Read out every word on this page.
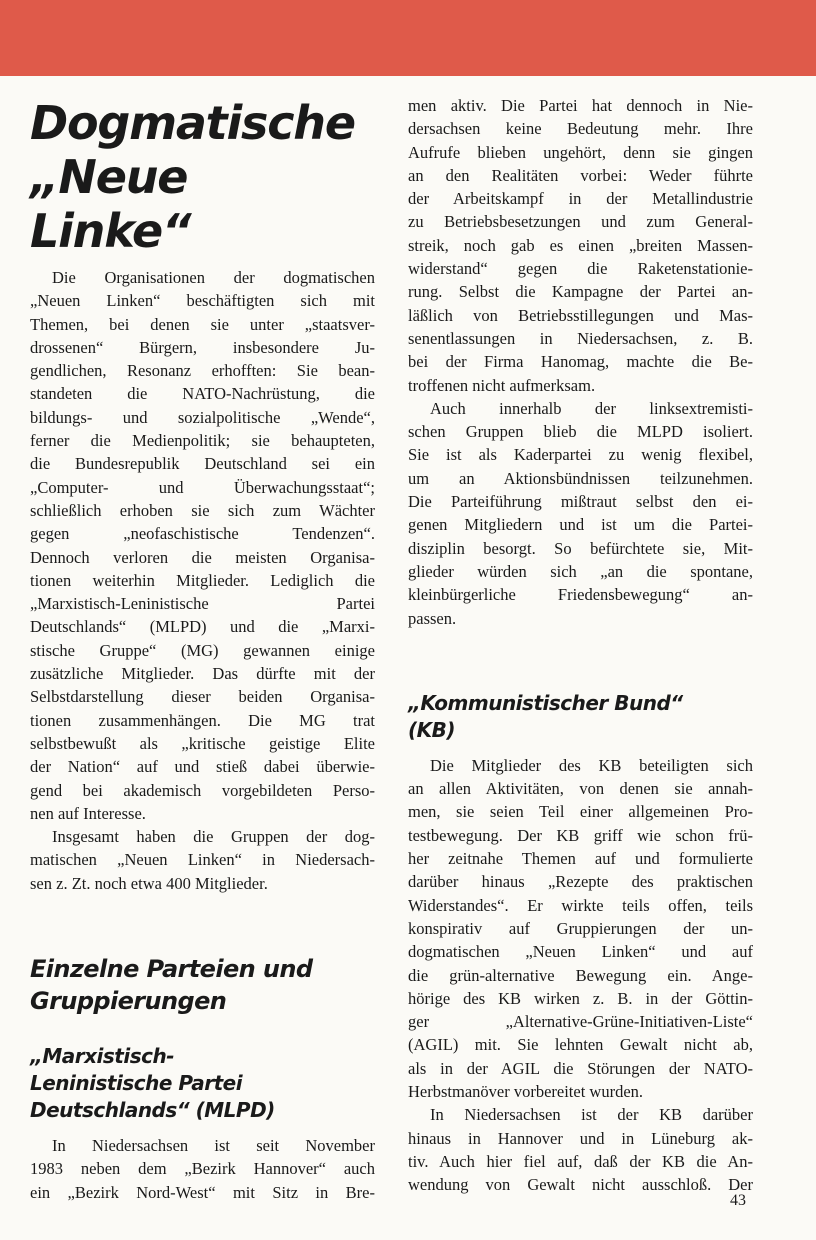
Dogmatische
„Neue
Linke“

Die Organisationen der dogmatischen
„Neuen Linken“ beschäftigten sich mit
Themen, bei denen sie unter „staatsver-
drossenen“ Bürgern, insbesondere Ju-
gendlichen, Resonanz erhofften: Sie bean-
standeten die NATO-Nachrüstung, die
bildungs- und sozialpolitische „Wende“,
ferner die Medienpolitik; sie behaupteten,
die Bundesrepublik Deutschland sei ein
„Computer- und Überwachungsstaat“;
schließlich erhoben sie sich zum Wächter
gegen „neofaschistische Tendenzen“.
Dennoch verloren die meisten Organisa-
tionen weiterhin Mitglieder. Lediglich die
„Marxistisch-Leninistische Partei
Deutschlands“ (MLPD) und die „Marxi-
stische Gruppe“ (MG) gewannen einige
zusätzliche Mitglieder. Das dürfte mit der
Selbstdarstellung dieser beiden Organisa-
tionen zusammenhängen. Die MG trat
selbstbewußt als „kritische geistige Elite
der Nation“ auf und stieß dabei überwie-
gend bei akademisch vorgebildeten Perso-
nen auf Interesse.

Insgesamt haben die Gruppen der dog-
matischen „Neuen Linken“ in Niedersach-
sen z. Zt. noch etwa 400 Mitglieder.

Einzelne Parteien und
Gruppierungen
„Marxistisch-
Leninistische Partei
Deutschlands“ (MLPD)

In Niedersachsen ist seit November
1983 neben dem „Bezirk Hannover“ auch
ein „Bezirk Nord-West“ mit Sitz in Bre-

men aktiv. Die Partei hat dennoch in Nie-
dersachsen keine Bedeutung mehr. Ihre
Aufrufe blieben ungehört, denn sie gingen
an den Realitäten vorbei: Weder führte
der Arbeitskampf in der Metallindustrie
zu Betriebsbesetzungen und zum General-
streik, noch gab es einen „breiten Massen-
widerstand“ gegen die Raketenstationie-
rung. Selbst die Kampagne der Partei an-
läßlich von Betriebsstillegungen und Mas-
senentlassungen in Niedersachsen, z. B.
bei der Firma Hanomag, machte die Be-
troffenen nicht aufmerksam.

Auch innerhalb der linksextremisti-
schen Gruppen blieb die MLPD isoliert.
Sie ist als Kaderpartei zu wenig flexibel,
um an Aktionsbündnissen teilzunehmen.
Die Parteiführung mißtraut selbst den ei-
genen Mitgliedern und ist um die Partei-
disziplin besorgt. So befürchtete sie, Mit-
glieder würden sich „an die spontane,
kleinbürgerliche Friedensbewegung“ an-
passen.

„Kommunistischer Bund“
(KB)

Die Mitglieder des KB beteiligten sich
an allen Aktivitäten, von denen sie annah-
men, sie seien Teil einer allgemeinen Pro-
testbewegung. Der KB griff wie schon frü-
her zeitnahe Themen auf und formulierte
darüber hinaus „Rezepte des praktischen
Widerstandes“. Er wirkte teils offen, teils
konspirativ auf Gruppierungen der un-
dogmatischen „Neuen Linken“ und auf
die grün-alternative Bewegung ein. Ange-
hörige des KB wirken z. B. in der Göttin-
ger „Alternative-Grüne-Initiativen-Liste“
(AGIL) mit. Sie lehnten Gewalt nicht ab,
als in der AGIL die Störungen der NATO-
Herbstmanöver vorbereitet wurden.

In Niedersachsen ist der KB darüber
hinaus in Hannover und in Lüneburg ak-
tiv. Auch hier fiel auf, daß der KB die An-
wendung von Gewalt nicht ausschloß. Der

43
